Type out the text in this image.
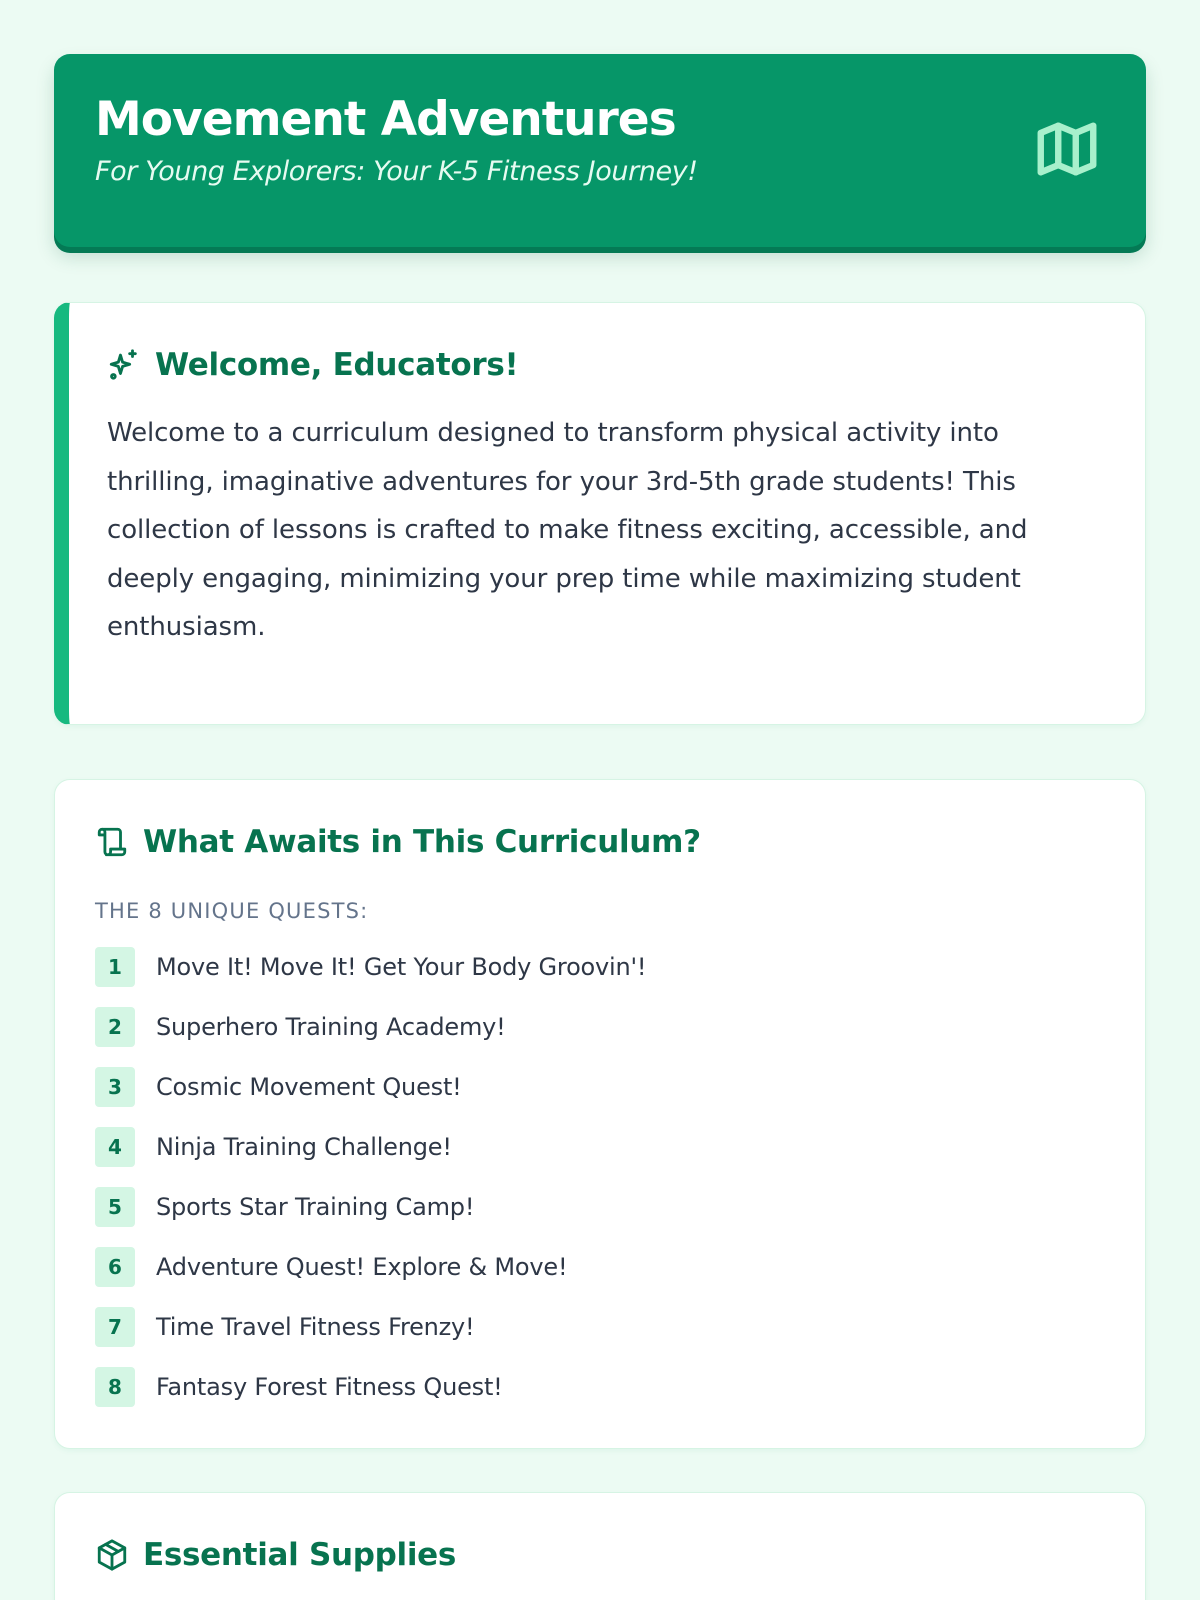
Movement Adventures

For Young Explorers: Your K-5 Fitness Journey!

Welcome, Educators!

Welcome to a curriculum designed to transform physical activity into thrilling, imaginative adventures for your 3rd-5th grade students! This collection of lessons is crafted to make fitness exciting, accessible, and deeply engaging, minimizing your prep time while maximizing student enthusiasm.

What Awaits in This Curriculum?

THE 8 UNIQUE QUESTS:

1	Move It! Move It! Get Your Body Groovin'!
2	Superhero Training Academy!
3	Cosmic Movement Quest!
4	Ninja Training Challenge!
5	Sports Star Training Camp!
6	Adventure Quest! Explore & Move!
7	Time Travel Fitness Frenzy!
8	Fantasy Forest Fitness Quest!
Essential Supplies
